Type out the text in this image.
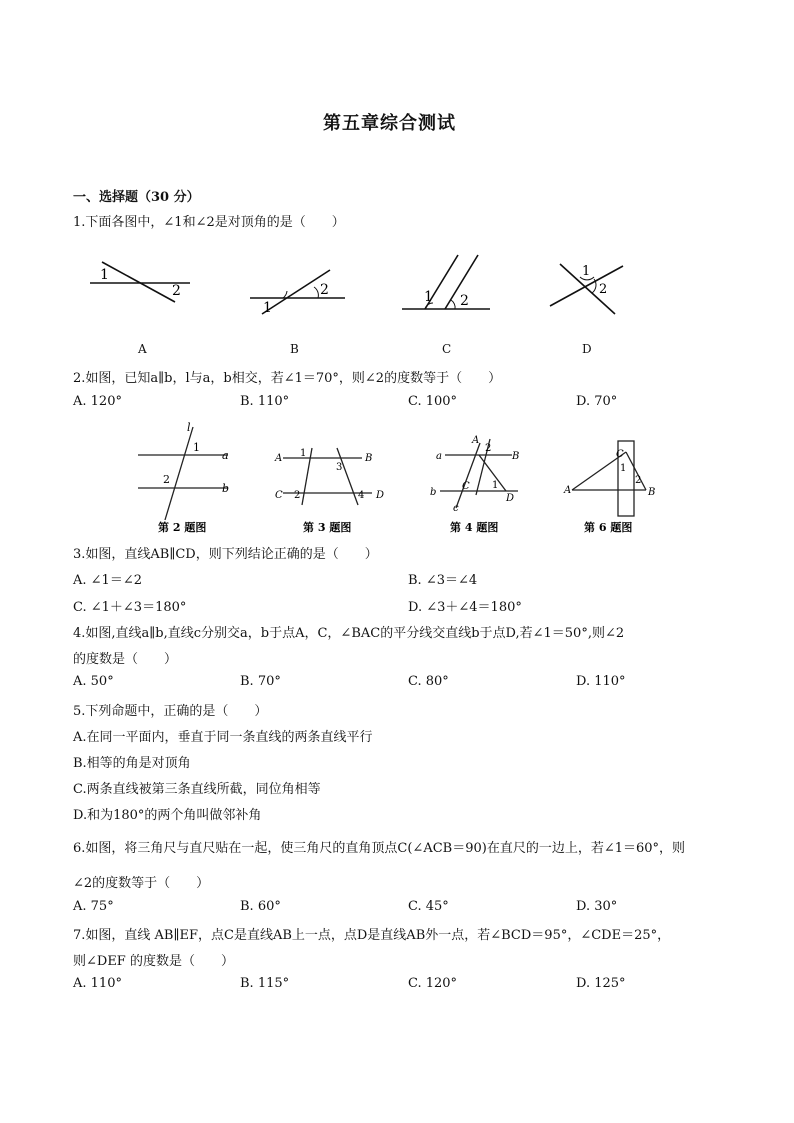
第五章综合测试
一、选择题（30 分）
1.下面各图中，∠1和∠2是对顶角的是（　　）
1
2
1
2	1 2
1
2
A	B	C	D
2.如图，已知a∥b，l与a，b相交，若∠1＝70°，则∠2的度数等于（　　）
A. 120°	B. 110°	C. 100°	D. 70°
l
1
a
2
b
第 2 题图
A 1
3
B
C 2	4 D
第 3 题图
a
A
2
B
b
C 1
D
c
第 4 题图
C
1
A
2
B
第 6 题图
3.如图，直线AB∥CD，则下列结论正确的是（　　）
A. ∠1＝∠2	B. ∠3＝∠4
C. ∠1＋∠3＝180°	D. ∠3＋∠4＝180°
4.如图,直线a∥b,直线c分别交a，b于点A，C，∠BAC的平分线交直线b于点D,若∠1＝50°,则∠2
的度数是（　　）
A. 50°	B. 70°	C. 80°	D. 110°
5.下列命题中，正确的是（　　）
A.在同一平面内，垂直于同一条直线的两条直线平行
B.相等的角是对顶角
C.两条直线被第三条直线所截，同位角相等
D.和为180°的两个角叫做邻补角
6.如图，将三角尺与直尺贴在一起，使三角尺的直角顶点C(∠ACB＝90)在直尺的一边上，若∠1＝60°，则
∠2的度数等于（　　）
A. 75°	B. 60°	C. 45°	D. 30°
7.如图，直线 AB∥EF，点C是直线AB上一点，点D是直线AB外一点，若∠BCD＝95°，∠CDE＝25°，
则∠DEF 的度数是（　　）
A. 110°	B. 115°	C. 120°	D. 125°
